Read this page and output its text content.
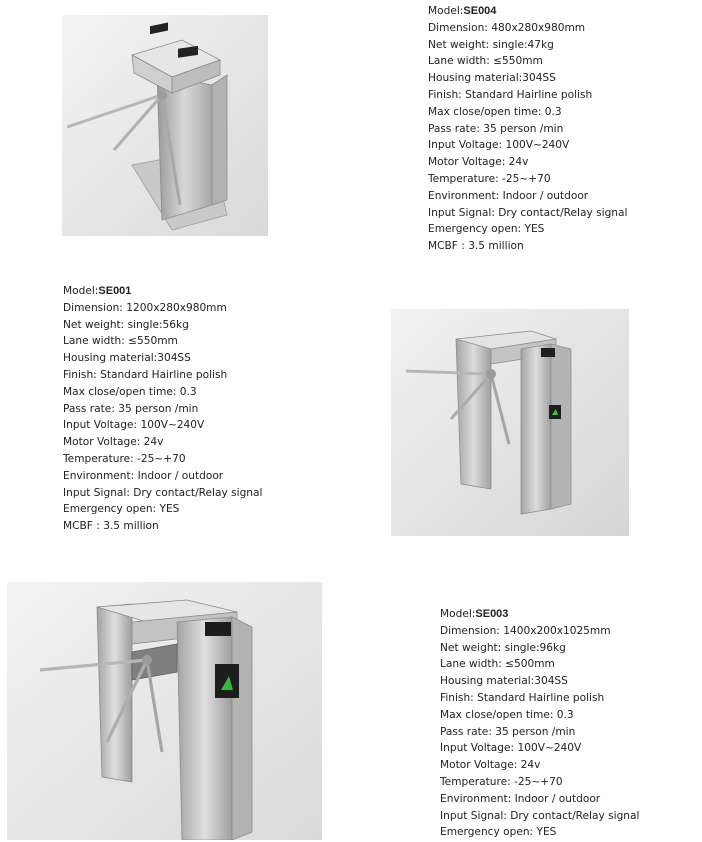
Model:SE004
Dimension: 480x280x980mm
Net weight: single:47kg
Lane width: ≤550mm
Housing material:304SS
Finish: Standard Hairline polish
Max close/open time: 0.3
Pass rate: 35 person /min
Input Voltage: 100V~240V
Motor Voltage: 24v
Temperature: -25~+70
Environment: Indoor / outdoor
Input Signal: Dry contact/Relay signal
Emergency open: YES
MCBF : 3.5 million
Model:SE001
Dimension: 1200x280x980mm
Net weight: single:56kg
Lane width: ≤550mm
Housing material:304SS
Finish: Standard Hairline polish
Max close/open time: 0.3
Pass rate: 35 person /min
Input Voltage: 100V~240V
Motor Voltage: 24v
Temperature: -25~+70
Environment: Indoor / outdoor
Input Signal: Dry contact/Relay signal
Emergency open: YES
MCBF : 3.5 million
Model:SE003
Dimension: 1400x200x1025mm
Net weight: single:96kg
Lane width: ≤500mm
Housing material:304SS
Finish: Standard Hairline polish
Max close/open time: 0.3
Pass rate: 35 person /min
Input Voltage: 100V~240V
Motor Voltage: 24v
Temperature: -25~+70
Environment: Indoor / outdoor
Input Signal: Dry contact/Relay signal
Emergency open: YES
